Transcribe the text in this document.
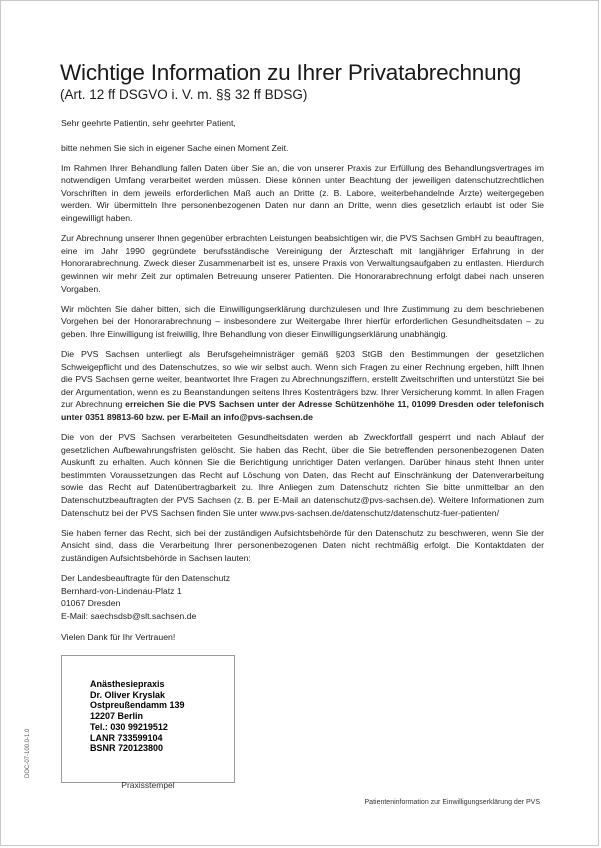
Wichtige Information zu Ihrer Privatabrechnung
(Art. 12 ff DSGVO i. V. m. §§ 32 ff BDSG)

Sehr geehrte Patientin, sehr geehrter Patient,

bitte nehmen Sie sich in eigener Sache einen Moment Zeit.

Im Rahmen Ihrer Behandlung fallen Daten über Sie an, die von unserer Praxis zur Erfüllung des Behandlungsvertrages im notwendigen Umfang verarbeitet werden müssen. Diese können unter Beachtung der jeweiligen datenschutzrechtlichen Vorschriften in dem jeweils erforderlichen Maß auch an Dritte (z. B. Labore, weiterbehandelnde Ärzte) weitergegeben werden. Wir übermitteln Ihre personenbezogenen Daten nur dann an Dritte, wenn dies gesetzlich erlaubt ist oder Sie eingewilligt haben.

Zur Abrechnung unserer Ihnen gegenüber erbrachten Leistungen beabsichtigen wir, die PVS Sachsen GmbH zu beauftragen, eine im Jahr 1990 gegründete berufsständische Vereinigung der Ärzteschaft mit langjähriger Erfahrung in der Honorarabrechnung. Zweck dieser Zusammenarbeit ist es, unsere Praxis von Verwaltungsaufgaben zu entlasten. Hierdurch gewinnen wir mehr Zeit zur optimalen Betreuung unserer Patienten. Die Honorarabrechnung erfolgt dabei nach unseren Vorgaben.

Wir möchten Sie daher bitten, sich die Einwilligungserklärung durchzulesen und Ihre Zustimmung zu dem beschriebenen Vorgehen bei der Honorarabrechnung – insbesondere zur Weitergabe Ihrer hierfür erforderlichen Gesundheitsdaten – zu geben. Ihre Einwilligung ist freiwillig, Ihre Behandlung von dieser Einwilligungserklärung unabhängig.

Die PVS Sachsen unterliegt als Berufsgeheimnisträger gemäß §203 StGB den Bestimmungen der gesetzlichen Schweigepflicht und des Datenschutzes, so wie wir selbst auch. Wenn sich Fragen zu einer Rechnung ergeben, hilft Ihnen die PVS Sachsen gerne weiter, beantwortet Ihre Fragen zu Abrechnungsziffern, erstellt Zweitschriften und unterstützt Sie bei der Argumentation, wenn es zu Beanstandungen seitens Ihres Kostenträgers bzw. Ihrer Versicherung kommt. In allen Fragen zur Abrechnung erreichen Sie die PVS Sachsen unter der Adresse Schützenhöhe 11, 01099 Dresden oder telefonisch unter 0351 89813-60 bzw. per E-Mail an info@pvs-sachsen.de

Die von der PVS Sachsen verarbeiteten Gesundheitsdaten werden ab Zweckfortfall gesperrt und nach Ablauf der gesetzlichen Aufbewahrungsfristen gelöscht. Sie haben das Recht, über die Sie betreffenden personenbezogenen Daten Auskunft zu erhalten. Auch können Sie die Berichtigung unrichtiger Daten verlangen. Darüber hinaus steht Ihnen unter bestimmten Voraussetzungen das Recht auf Löschung von Daten, das Recht auf Einschränkung der Datenverarbeitung sowie das Recht auf Datenübertragbarkeit zu. Ihre Anliegen zum Datenschutz richten Sie bitte unmittelbar an den Datenschutzbeauftragten der PVS Sachsen (z. B. per E-Mail an datenschutz@pvs-sachsen.de). Weitere Informationen zum Datenschutz bei der PVS Sachsen finden Sie unter www.pvs-sachsen.de/datenschutz/datenschutz-fuer-patienten/

Sie haben ferner das Recht, sich bei der zuständigen Aufsichtsbehörde für den Datenschutz zu beschweren, wenn Sie der Ansicht sind, dass die Verarbeitung Ihrer personenbezogenen Daten nicht rechtmäßig erfolgt. Die Kontaktdaten der zuständigen Aufsichtsbehörde in Sachsen lauten:

Der Landesbeauftragte für den Datenschutz
Bernhard-von-Lindenau-Platz 1
01067 Dresden
E-Mail: saechsdsb@slt.sachsen.de

Vielen Dank für Ihr Vertrauen!

Anästhesiepraxis
Dr. Oliver Kryslak
Ostpreußendamm 139
12207 Berlin
Tel.: 030 99219512
LANR 733599104
BSNR 720123800
Praxisstempel
DOC-07-100.0-1.0
Patienteninformation zur Einwilligungserklärung der PVS
